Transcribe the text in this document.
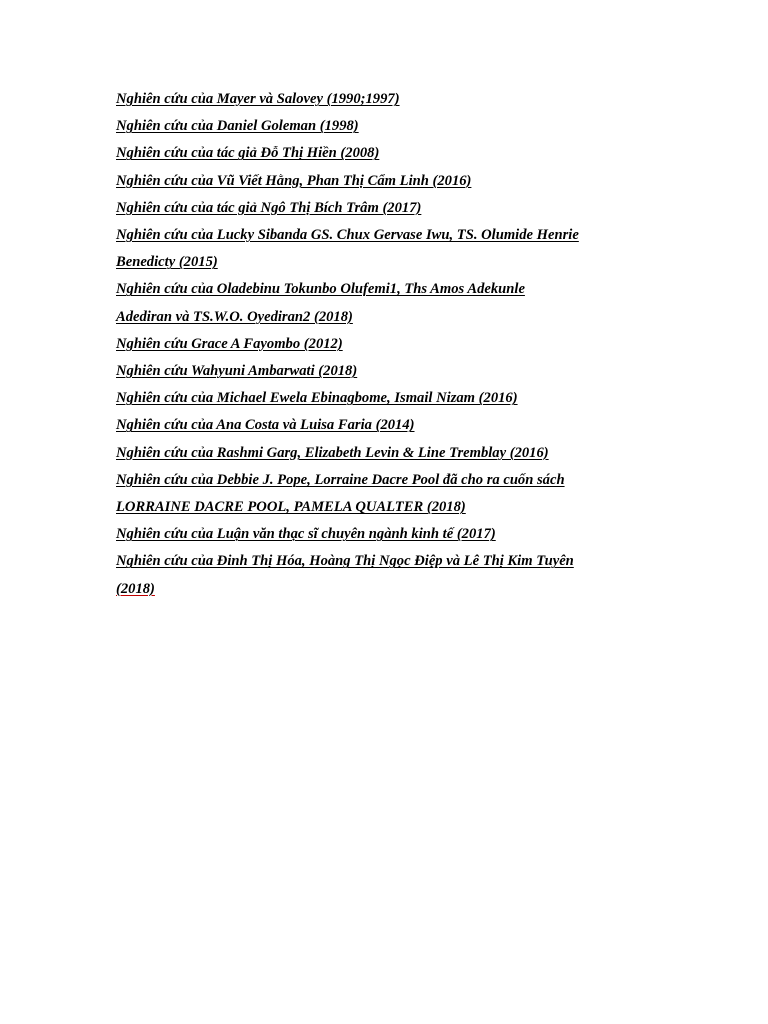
Nghiên cứu của Mayer và Salovey (1990;1997)
Nghiên cứu của Daniel Goleman (1998)
Nghiên cứu của tác giả Đỗ Thị Hiền (2008)
Nghiên cứu của Vũ Viết Hằng, Phan Thị Cẩm Linh (2016)
Nghiên cứu của tác giả Ngô Thị Bích Trâm (2017)
Nghiên cứu của Lucky Sibanda GS. Chux Gervase Iwu, TS. Olumide Henrie
Benedicty (2015)
Nghiên cứu của Oladebinu Tokunbo Olufemi1, Ths Amos Adekunle
Adediran và TS.W.O. Oyediran2 (2018)
Nghiên cứu Grace A Fayombo (2012)
Nghiên cứu Wahyuni Ambarwati (2018)
Nghiên cứu của Michael Ewela Ebinagbome, Ismail Nizam (2016)
Nghiên cứu của Ana Costa và Luisa Faria (2014)
Nghiên cứu của Rashmi Garg, Elizabeth Levin & Line Tremblay (2016)
Nghiên cứu của Debbie J. Pope, Lorraine Dacre Pool đã cho ra cuốn sách
LORRAINE DACRE POOL, PAMELA QUALTER (2018)
Nghiên cứu của Luận văn thạc sĩ chuyên ngành kinh tế (2017)
Nghiên cứu của Đinh Thị Hóa, Hoàng Thị Ngọc Điệp và Lê Thị Kim Tuyên
(2018)
